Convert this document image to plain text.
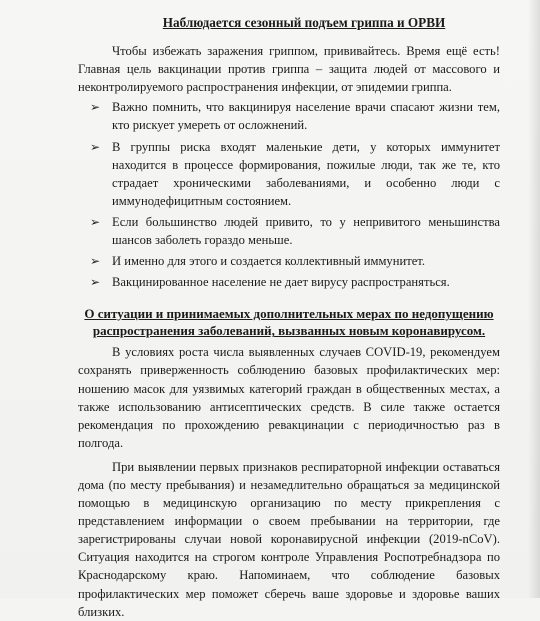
Наблюдается сезонный подъем гриппа и ОРВИ

Чтобы избежать заражения гриппом, прививайтесь. Время ещё есть! Главная цель вакцинации против гриппа – защита людей от массового и неконтролируемого распространения инфекции, от эпидемии гриппа.

➢ Важно помнить, что вакцинируя население врачи спасают жизни тем, кто рискует умереть от осложнений.
➢ В группы риска входят маленькие дети, у которых иммунитет находится в процессе формирования, пожилые люди, так же те, кто страдает хроническими заболеваниями, и особенно люди с иммунодефицитным состоянием.
➢ Если большинство людей привито, то у непривитого меньшинства шансов заболеть гораздо меньше.
➢ И именно для этого и создается коллективный иммунитет.
➢ Вакцинированное население не дает вирусу распространяться.
О ситуации и принимаемых дополнительных мерах по недопущению распространения заболеваний, вызванных новым коронавирусом.

В условиях роста числа выявленных случаев COVID-19, рекомендуем сохранять приверженность соблюдению базовых профилактических мер: ношению масок для уязвимых категорий граждан в общественных местах, а также использованию антисептических средств. В силе также остается рекомендация по прохождению ревакцинации с периодичностью раз в полгода.

При выявлении первых признаков респираторной инфекции оставаться дома (по месту пребывания) и незамедлительно обращаться за медицинской помощью в медицинскую организацию по месту прикрепления с представлением информации о своем пребывании на территории, где зарегистрированы случаи новой коронавирусной инфекции (2019-nCoV). Ситуация находится на строгом контроле Управления Роспотребнадзора по Краснодарскому краю. Напоминаем, что соблюдение базовых профилактических мер поможет сберечь ваше здоровье и здоровье ваших близких.
